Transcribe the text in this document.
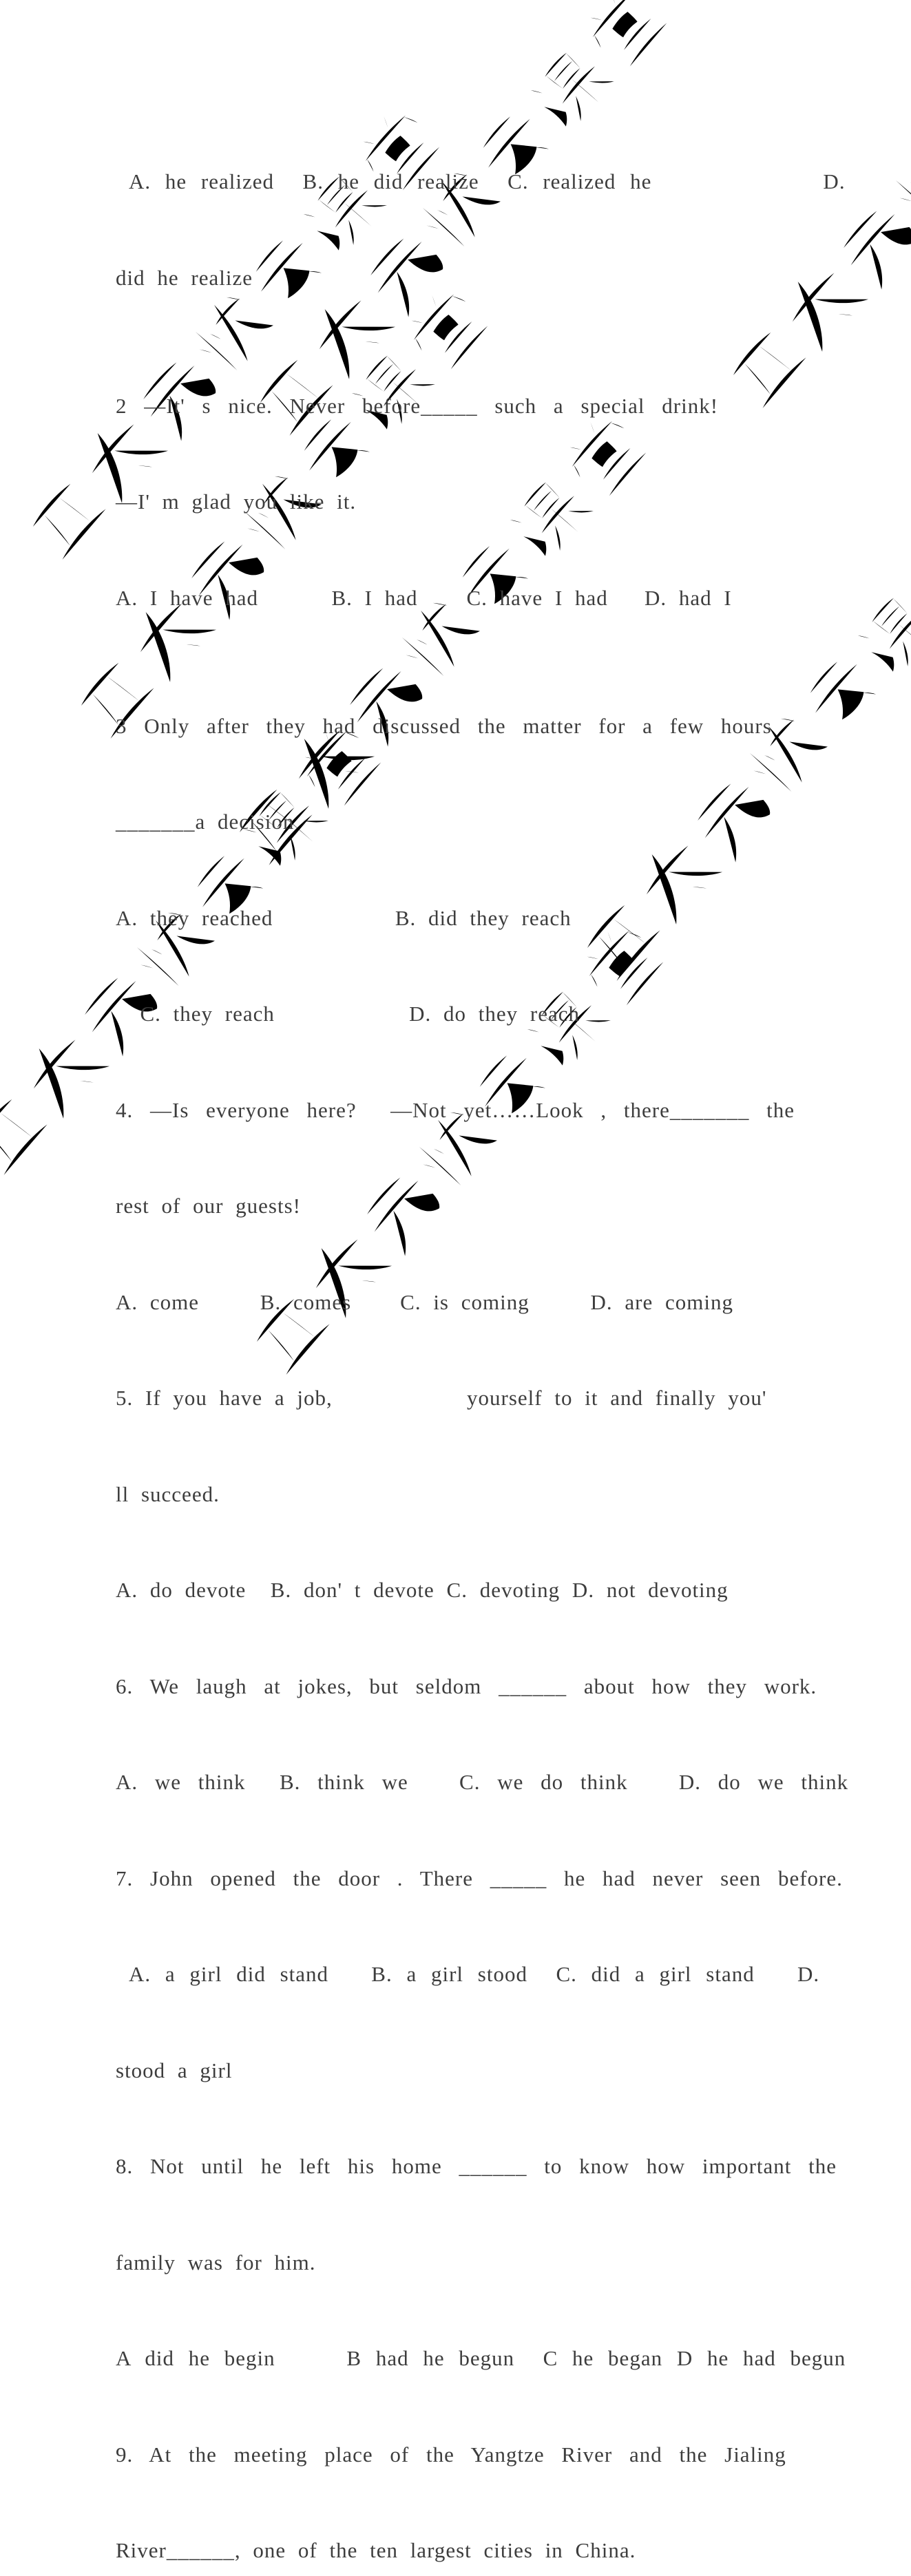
A. he realized  B. he did realize  C. realized he            D.

did he realize

2 —It' s nice. Never before_____ such a special drink!

—I' m glad you like it.

A. I have had      B. I had    C. have I had   D. had I

3 Only after they had discussed the matter for a few hours

_______a decision

A. they reached          B. did they reach

C. they reach           D. do they reach

4. —Is everyone here?  —Not yet……Look , there_______ the

rest of our guests!

A. come     B. comes    C. is coming     D. are coming

5. If you have a job,           yourself to it and finally you'

ll succeed.

A. do devote  B. don' t devote C. devoting D. not devoting

6. We laugh at jokes, but seldom ______ about how they work.

A. we think  B. think we   C. we do think   D. do we think

7. John opened the door . There _____ he had never seen before.

A. a girl did stand   B. a girl stood  C. did a girl stand   D.

stood a girl

8. Not until he left his home ______ to know how important the

family was for him.

A did he begin     B had he begun  C he began D he had begun

9. At the meeting place of the Yangtze River and the Jialing

River______, one of the ten largest cities in China.
